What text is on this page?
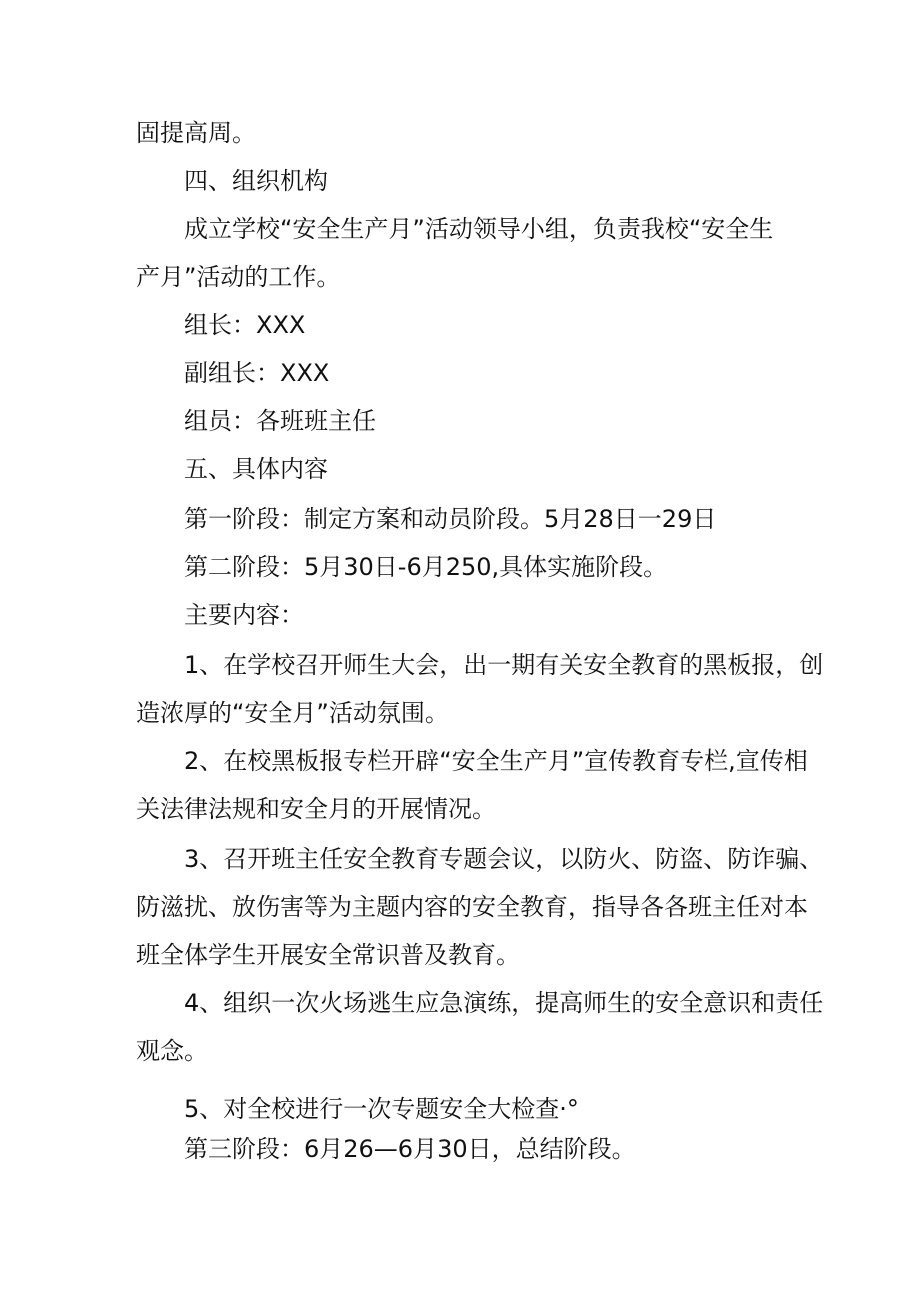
固提高周。
四、组织机构
成立学校“安全生产月”活动领导小组，负责我校“安全生
产月”活动的工作。
组长：XXX
副组长：XXX
组员：各班班主任
五、具体内容
第一阶段：制定方案和动员阶段。5月28日一29日
第二阶段：5月30日-6月250,具体实施阶段。
主要内容：
1、在学校召开师生大会，出一期有关安全教育的黑板报，创
造浓厚的“安全月”活动氛围。
2、在校黑板报专栏开辟“安全生产月”宣传教育专栏,宣传相
关法律法规和安全月的开展情况。
3、召开班主任安全教育专题会议，以防火、防盗、防诈骗、
防滋扰、放伤害等为主题内容的安全教育，指导各各班主任对本
班全体学生开展安全常识普及教育。
4、组织一次火场逃生应急演练，提高师生的安全意识和责任
观念。
5、对全校进行一次专题安全大检查·°
第三阶段：6月26—6月30日，总结阶段。
